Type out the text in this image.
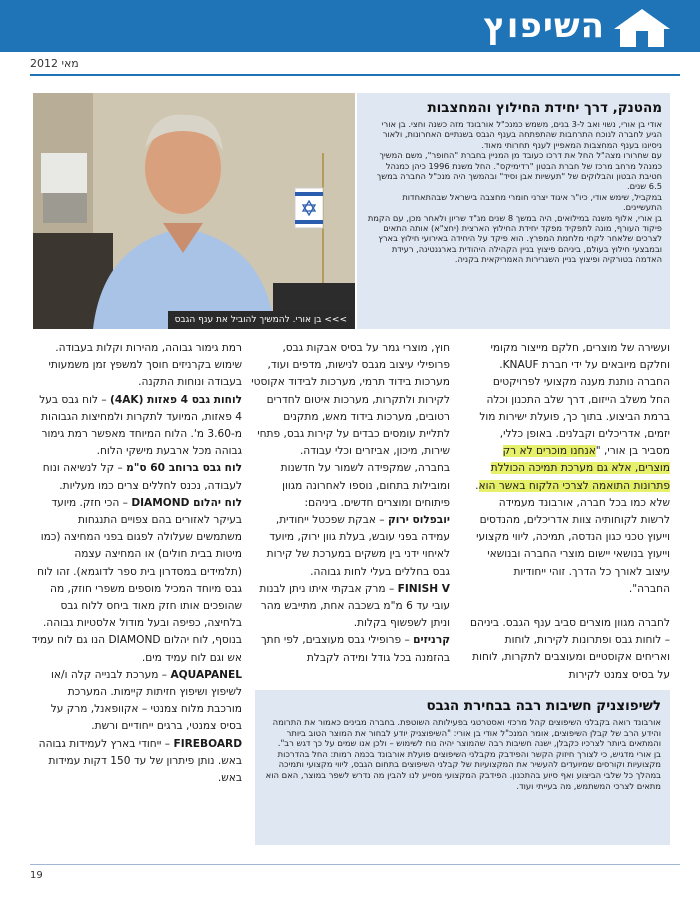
השיפוץ
מאי 2012
>>> בן אורי. להמשיך להוביל את ענף הגבס
מהטנק, דרך יחידת החילוץ והמחצבות

אודי בן אורי, נשוי ואב ל-3 בנים, משמש כמנכ"ל אורבונד מזה כשנה וחצי. בן אורי הגיע לחברה לנוכח התרחבות שהתפתחה בענף הגבס בשנתיים האחרונות, ולאור ניסיונו בענף המחצבות המאפיין לענף תחרותי מאוד.

עם שחרורו מצה"ל החל את דרכו כעובד מן המניין בחברת "החופר", משם המשיך כמנהל מרחב מרכז של חברת הבטון "רדימיקס". החל משנת 1996 כיהן כמנהל חטיבת הבטון והבלוקים של "תעשיות אבן וסיד" ובהמשך היה מנכ"ל החברה במשך 6.5 שנים.

במקביל, שימש אודי, כיו"ר איגוד יצרני חומרי מחצבה בישראל שבהתאחדות התעשיינים.

בן אורי, אלוף משנה במילואים, היה במשך 8 שנים מג"ד שריון ולאחר מכן, עם הקמת פיקוד העורף, מונה לתפקיד מפקד יחידת החילוץ הארצית (יחצ"א) אותה התאים לצרכים שלאחר לקחי מלחמת המפרץ. הוא פיקד על היחידה באירועי חילוץ בארץ ובמבצעי חילוץ בעולם, ביניהם פיצוץ בניין הקהילה היהודית בארגנטינה, רעידת האדמה בטורקיה ופיצוץ בניין השגרירות האמריקאית בקניה.

ועשירה של מוצרים, חלקם מייצור מקומי וחלקם מיובאים על ידי חברת KNAUF. החברה נותנת מענה מקצועי לפרויקטים החל משלב הייזום, דרך שלב התכנון וכלה ברמת הביצוע. בתוך כך, פועלת ישירות מול יזמים, אדריכלים וקבלנים. באופן כללי, מסביר בן אורי, "אנחנו מוכרים לא רק מוצרים, אלא גם מערכת תמיכה הכוללת פתרונות התואמה לצרכי הלקוח באשר הוא. שלא כמו בכל חברה, אורבונד מעמידה לרשות לקוחותיה צוות אדריכלים, מהנדסים וייעוץ טכני כגון הנדסה, תמיכה, ליווי מקצועי וייעוץ בנושאי יישום מוצרי החברה ובנושאי עיצוב לאורך כל הדרך. זוהי ייחודיות החברה".

לחברה מגוון מוצרים סביב ענף הגבס. ביניהם – לוחות גבס ופתרונות לקירות, לוחות ואריחים אקוסטיים ומעוצבים לתקרות, לוחות על בסיס צמנט לקירות

חוץ, מוצרי גמר על בסיס אבקות גבס, פרופילי עיצוב מגבס לנישות, מדפים ועוד, מערכות בידוד תרמי, מערכות לבידוד אקוסטי לקירות ולתקרות, מערכות איטום לחדרים רטובים, מערכות בידוד מאש, מתקנים לתליית עומסים כבדים על קירות גבס, פתחי שירות, מיכון, אביזרים וכלי עבודה.

בחברה, שמקפידה לשמור על חדשנות ומובילות בתחום, נוספו לאחרונה מגוון פיתוחים ומוצרים חדשים. ביניהם:

יובפלוס ירוק – אבקת שפכטל ייחודית, עמידה בפני עובש, בעלת גוון ירוק, מיועד לאיחוי ידני בין משקים במערכת של קירות גבס בחללים בעלי לחות גבוהה.

FINISH V – מרק אבקתי איתו ניתן לבנות עובי עד 6 מ"מ בשכבה אחת, מתייבש מהר וניתן לשפשוף בקלות.

קרניזים – פרופילי גבס מעוצבים, לפי חתך בהזמנה בכל גודל ומידה לקבלת

רמת גימור גבוהה, מהירות וקלות בעבודה. שימוש בקרניזים חוסך למשפץ זמן משמעותי בעבודה ונוחות התקנה.

לוחות גבס 4 פאזות (4AK) – לוח גבס בעל 4 פאזות, המיועד לתקרות ולמחיצות הגבוהות מ-3.60 מ'. הלוח המיוחד מאפשר רמת גימור גבוהה מכל ארבעת מישקי הלוח.

לוח גבס ברוחב 60 ס"מ – קל לנשיאה ונוח לעבודה, נכנס לחללים צרים כמו מעליות.

לוח יהלום DIAMOND – הכי חזק. מיועד בעיקר לאזורים בהם צפויים התנגחות משתמשים שעלולה לפגום בפני המחיצה (כמו מיטות בבית חולים) או המחיצה עצמה (תלמידים במסדרון בית ספר לדוגמא). זהו לוח גבס מיוחד המכיל מוספים משפרי חוזק, מה שהופכים אותו חזק מאוד ביחס ללוח גבס בלחיצה, כפיפה ובעל מודול אלסטיות גבוהה.

בנוסף, לוח יהלום DIAMOND הנו גם לוח עמיד אש וגם לוח עמיד מים.

AQUAPANEL – מערכת לבנייה קלה ו/או לשיפוץ ושיפוץ חזיתות קיימות. המערכת מורכבת מלוח צמנטי – אקוופאנל, מרק על בסיס צמנטי, ברגים ייחודיים ורשת.

FIREBOARD – ייחודי בארץ לעמידות גבוהה באש. נותן פיתרון של עד 150 דקות עמידות באש.

לשיפוצניק חשיבות רבה בבחירת הגבס

אורבונד רואה בקבלני השיפוצים קהל מרכזי ואסטרטגי בפעילותה השוטפת. בחברה מבינים כאמור את התרומה והידע הרב של קבלן השיפוצים, אומר המנכ"ל אודי בן אורי: "השיפוצניק יודע לבחור את המוצר הטוב ביותר והמתאים ביותר לצרכיו כקבלן, ישנה חשיבות רבה שהמוצר יהיה נוח לשימוש – ולכן אנו שמים על כך דגש רב".

בן אורי מדגיש, כי לצורך חיזוק הקשר והפידבק מקבלני השיפוצים פועלת אורבונד בכמה רמות: החל בהדרכות מקצועיות וקורסים שמיועדים להעשיר את המקצועיות של קבלני השיפוצים בתחום הגבס, ליווי מקצועי ותמיכה במהלך כל שלבי הביצוע ואף סיוע בהתכנון. הפידבק המקצועי מסייע לנו להבין מה נדרש לשפר במוצר, האם הוא מתאים לצרכי המשתמש, מה בעייתי ועוד.

19
